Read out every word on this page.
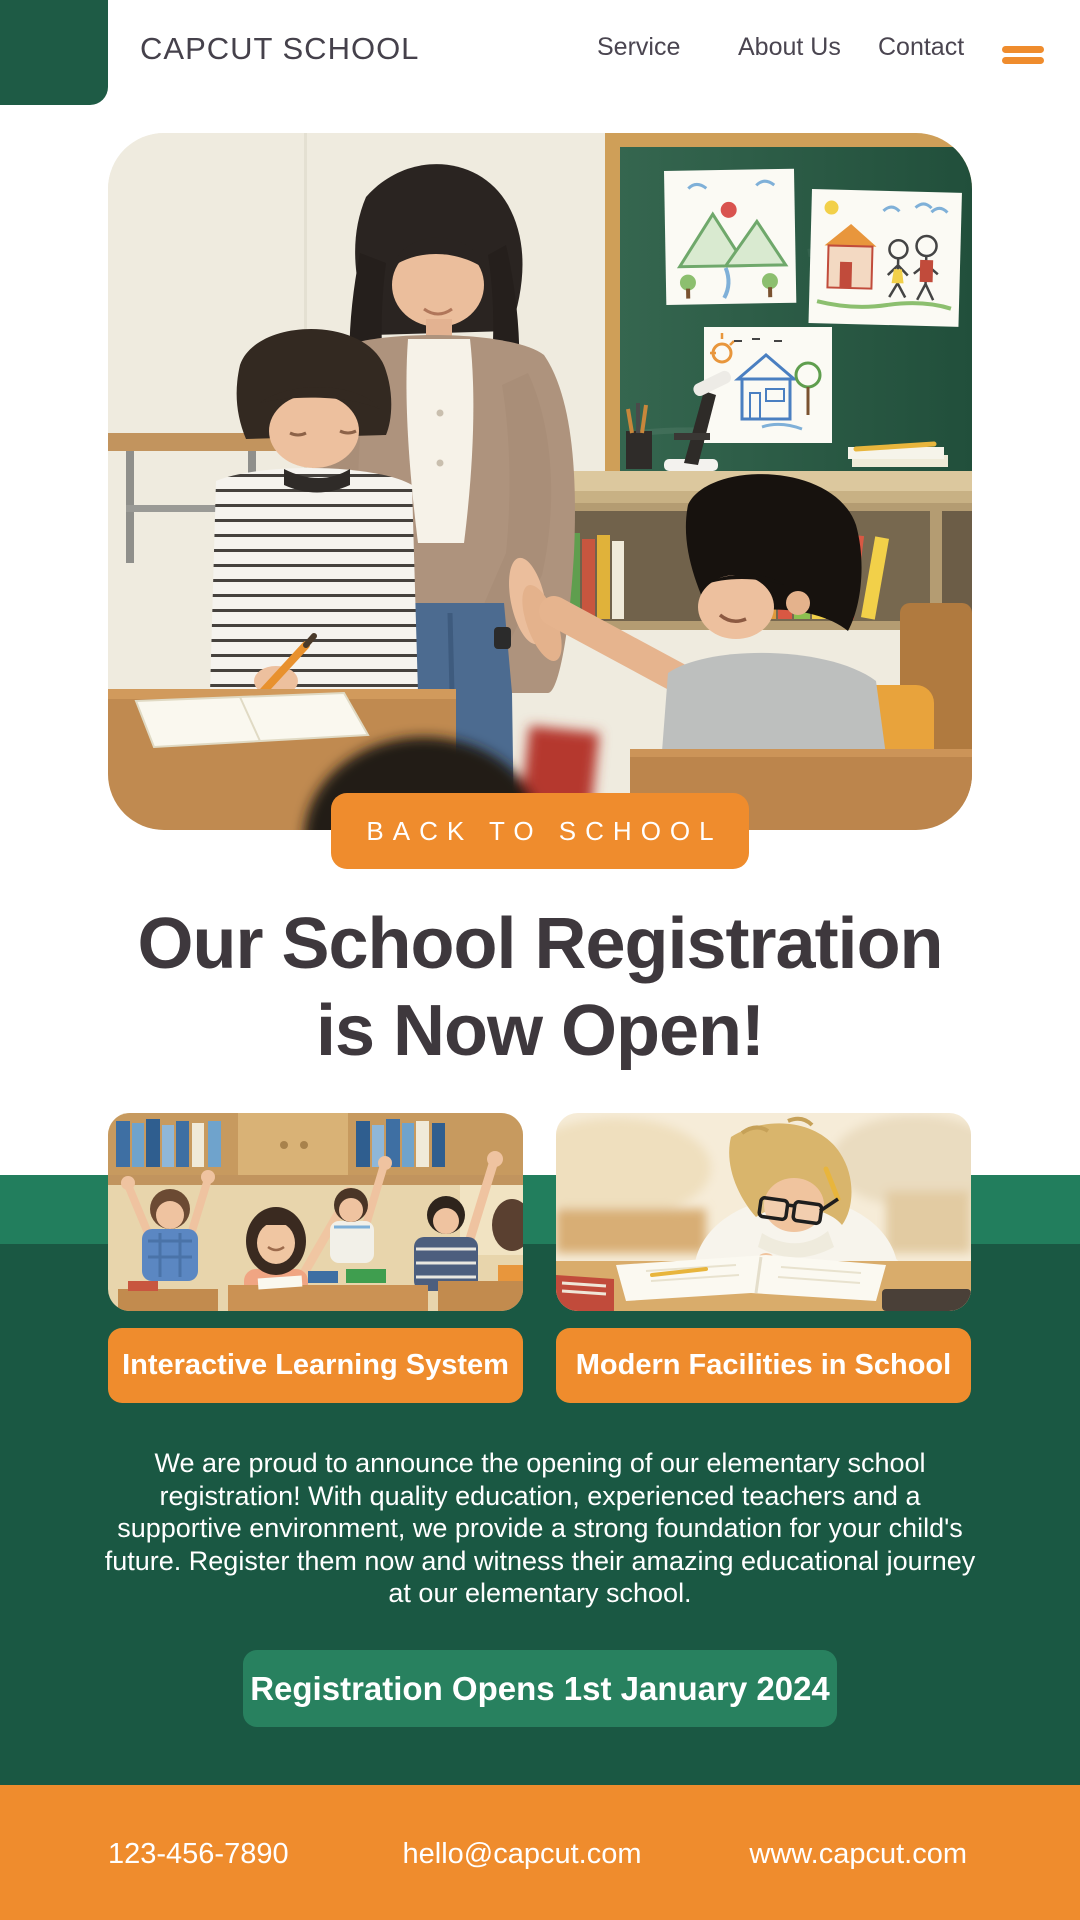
CAPCUT SCHOOL	Service About Us Contact
BACK TO SCHOOL
Our School Registration
is Now Open!
Interactive Learning System	Modern Facilities in School
We are proud to announce the opening of our elementary school registration! With quality education, experienced teachers and a supportive environment, we provide a strong foundation for your child's future. Register them now and witness their amazing educational journey at our elementary school.
Registration Opens 1st January 2024
123-456-7890	hello@capcut.com	www.capcut.com
